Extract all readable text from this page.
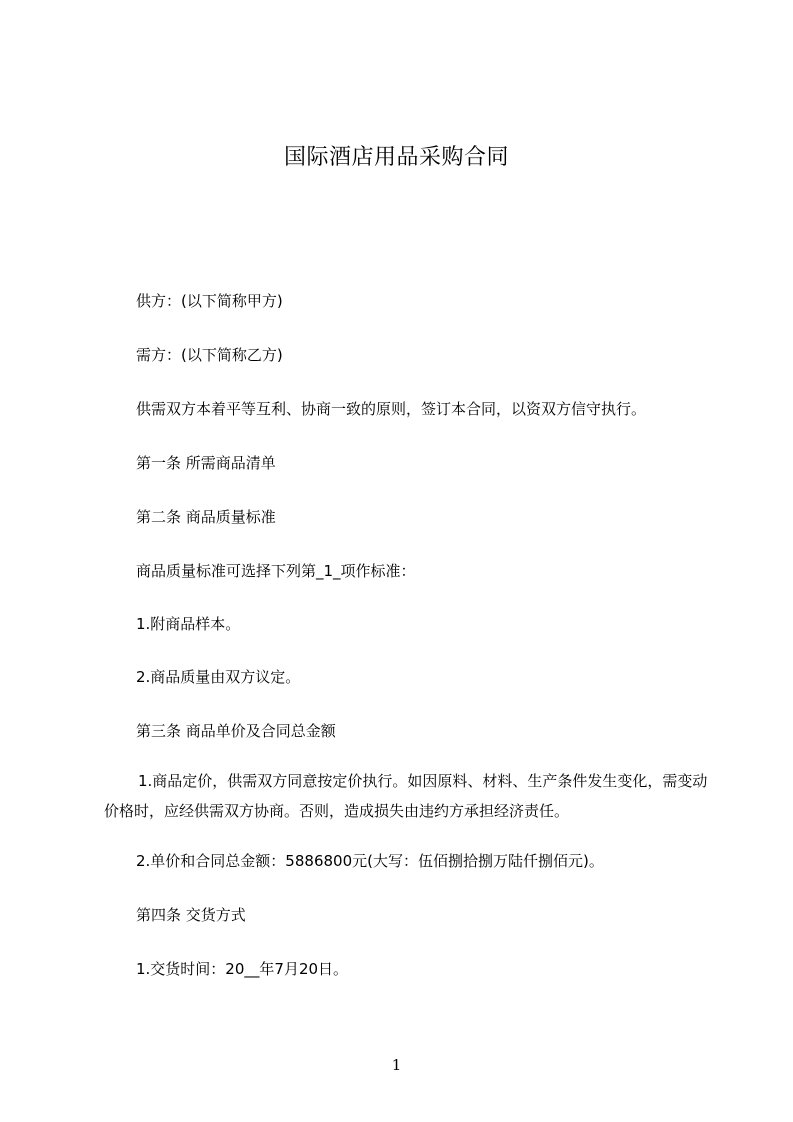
国际酒店用品采购合同
供方：(以下简称甲方)
需方：(以下简称乙方)
供需双方本着平等互利、协商一致的原则，签订本合同，以资双方信守执行。
第一条 所需商品清单
第二条 商品质量标准
商品质量标准可选择下列第_1_项作标准：
1.附商品样本。
2.商品质量由双方议定。
第三条 商品单价及合同总金额
1.商品定价，供需双方同意按定价执行。如因原料、材料、生产条件发生变化，需变动价格时，应经供需双方协商。否则，造成损失由违约方承担经济责任。
2.单价和合同总金额：5886800元(大写：伍佰捌拾捌万陆仟捌佰元)。
第四条 交货方式
1.交货时间：20__年7月20日。
1
